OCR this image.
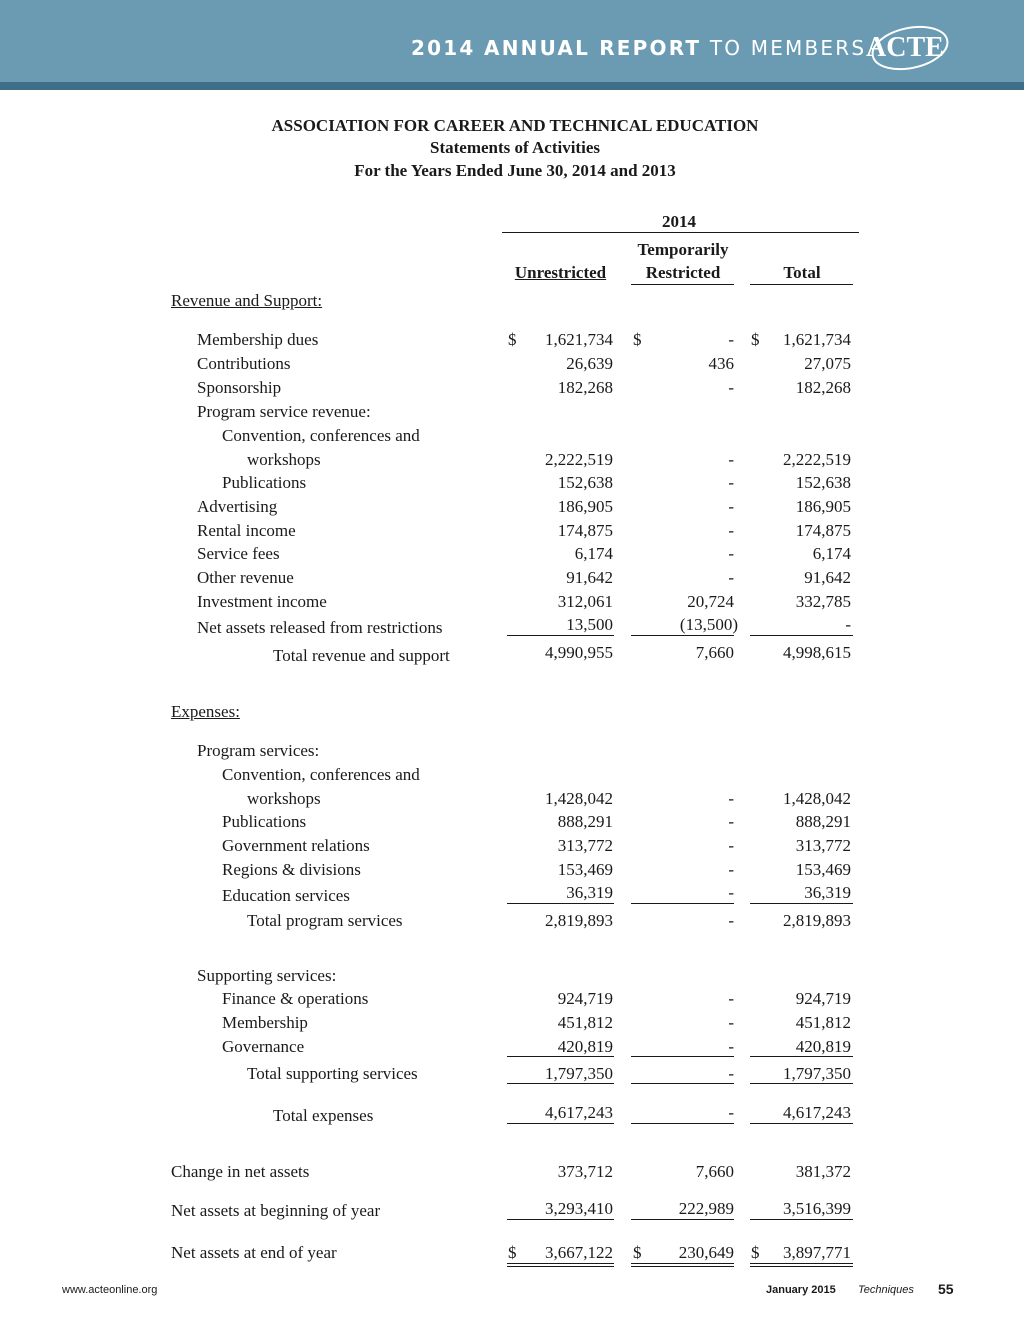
2014 ANNUAL REPORT TO MEMBERS ACTE
ASSOCIATION FOR CAREER AND TECHNICAL EDUCATION
Statements of Activities
For the Years Ended June 30, 2014 and 2013
2014
Temporarily
Unrestricted	Restricted	Total
Revenue and Support:
Membership dues	$	1,621,734 $	- $	1,621,734
Contributions	26,639	436	27,075
Sponsorship	182,268	-	182,268
Program service revenue:
Convention, conferences and
workshops	2,222,519	-	2,222,519
Publications	152,638	-	152,638
Advertising	186,905	-	186,905
Rental income	174,875	-	174,875
Service fees	6,174	-	6,174
Other revenue	91,642	-	91,642
Investment income	312,061	20,724	332,785
Net assets released from restrictions	13,500	(13,500)	-
Total revenue and support	4,990,955	7,660	4,998,615
Expenses:
Program services:
Convention, conferences and
workshops	1,428,042	-	1,428,042
Publications	888,291	-	888,291
Government relations	313,772	-	313,772
Regions & divisions	153,469	-	153,469
Education services	36,319	-	36,319
Total program services	2,819,893	-	2,819,893
Supporting services:
Finance & operations	924,719	-	924,719
Membership	451,812	-	451,812
Governance	420,819	-	420,819
Total supporting services	1,797,350	-	1,797,350
Total expenses	4,617,243	-	4,617,243
Change in net assets	373,712	7,660	381,372
Net assets at beginning of year	3,293,410	222,989	3,516,399
Net assets at end of year	$	3,667,122 $	230,649 $	3,897,771
www.acteonline.org	January 2015 Techniques 55
